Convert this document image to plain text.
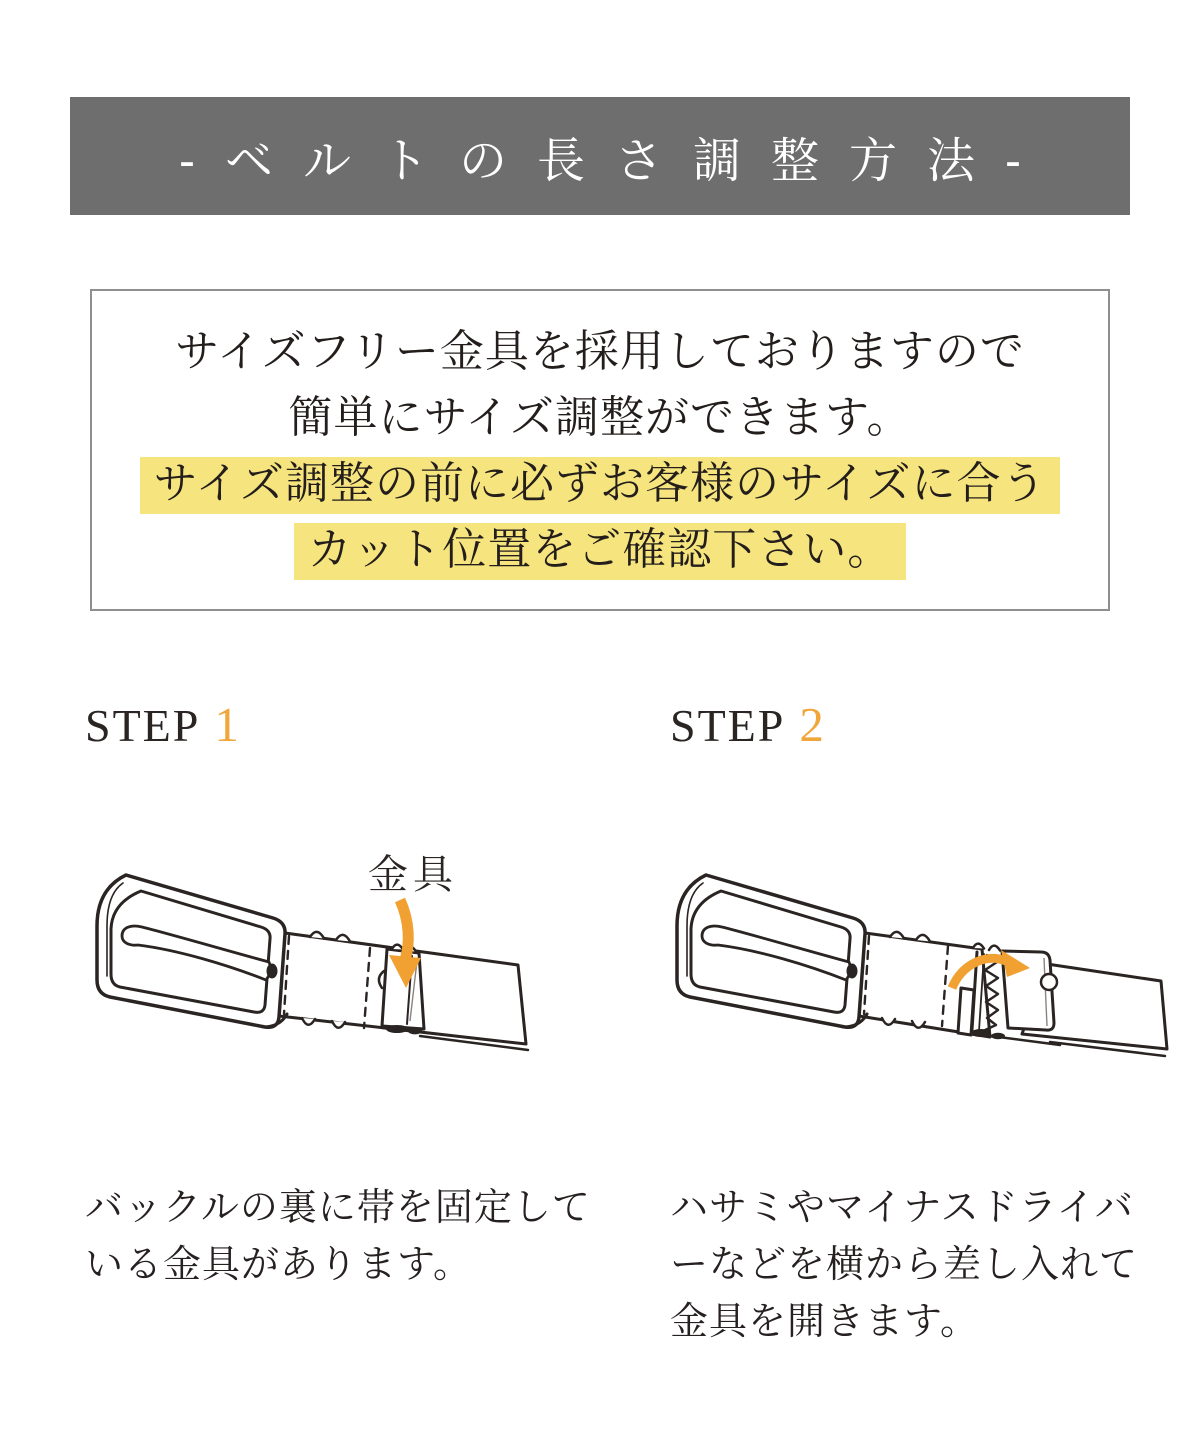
-ベルトの長さ調整方法-

サイズフリー金具を採用しておりますので

簡単にサイズ調整ができます。

サイズ調整の前に必ずお客様のサイズに合う

カット位置をご確認下さい。

STEP 1	STEP 2
金具
バックルの裏に帯を固定して
いる金具があります。
ハサミやマイナスドライバ
ーなどを横から差し入れて
金具を開きます。
